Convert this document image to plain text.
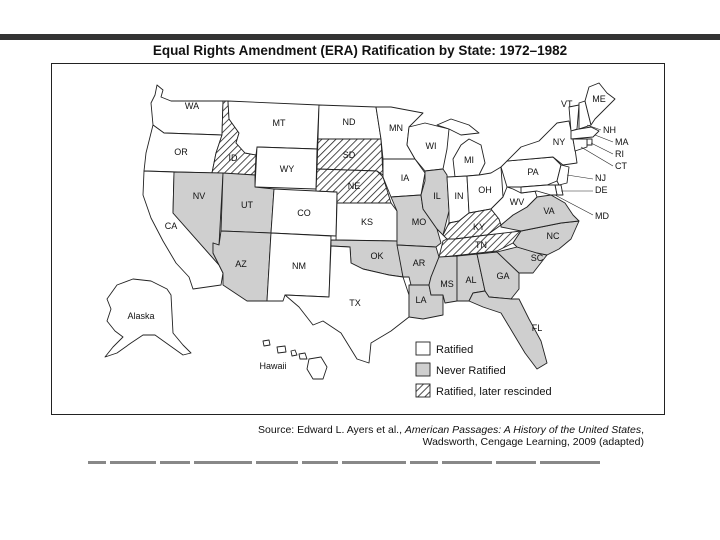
Equal Rights Amendment (ERA) Ratification by State: 1972–1982
WA
OR
CA
ID
NV
MT
WY
UT
AZ
CO
NM
ND
SD
NE
KS
OK
TX
MN
IA
MO
AR
LA
WI
IL
MI
IN
OH
KY
TN
MS AL GA
FL
SC
NC
VA
WV
PA
NY
VT
NH
ME
MA
RI
CT
NJ
DE
MD
Alaska
Hawaii
Ratified
Never Ratified
Ratified, later rescinded
Source: Edward L. Ayers et al., American Passages: A History of the United States,
Wadsworth, Cengage Learning, 2009 (adapted)
